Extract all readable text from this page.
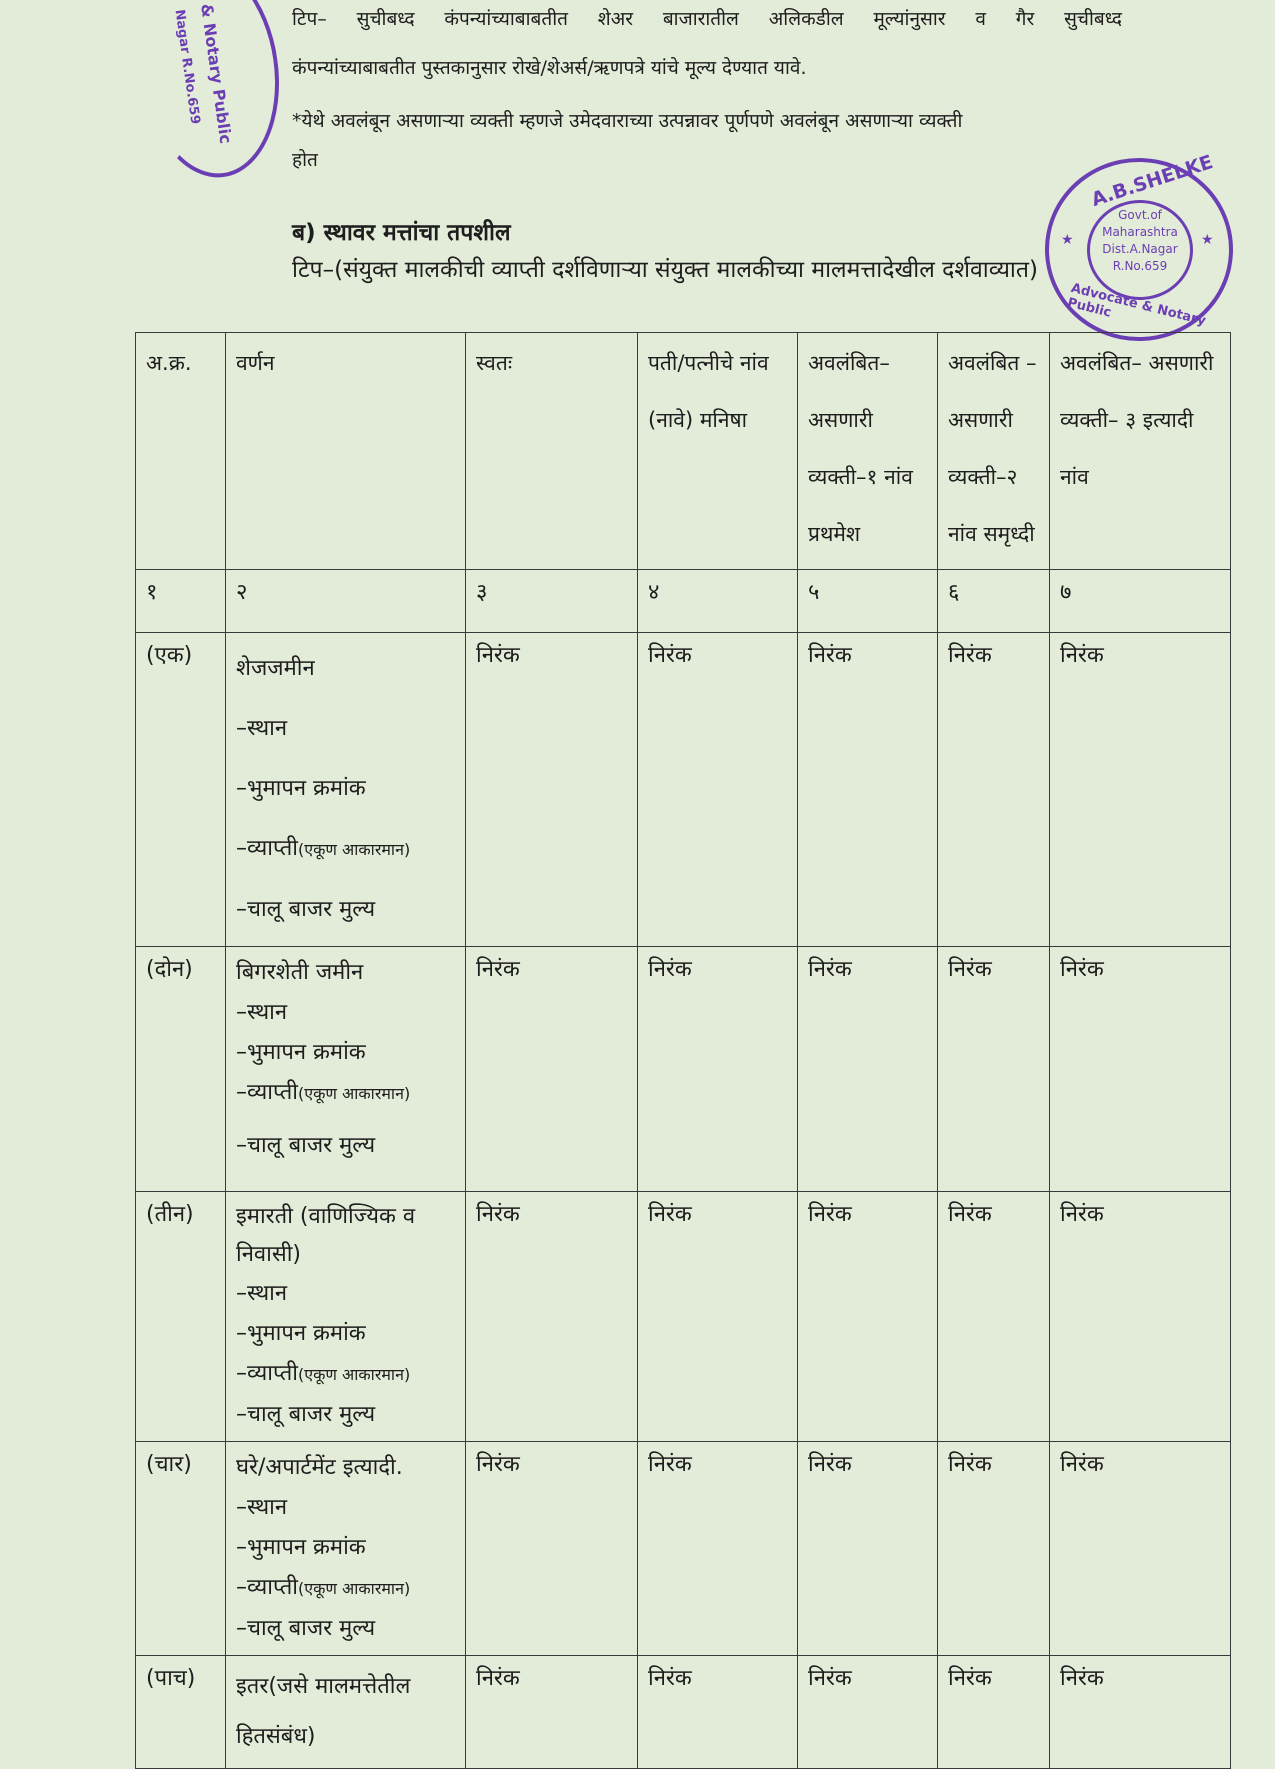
& Notary Public
Nagar R.No.659
A.B.SHELKE
★	★
Govt.of
Maharashtra
Dist.A.Nagar
R.No.659
Advocate & Notary Public
टिप– सुचीबध्द कंपन्यांच्याबाबतीत शेअर बाजारातील अलिकडील मूल्यांनुसार व गैर सुचीबध्द
कंपन्यांच्याबाबतीत पुस्तकानुसार रोखे/शेअर्स/ऋणपत्रे यांचे मूल्य देण्यात यावे.
*येथे अवलंबून असणाऱ्या व्यक्ती म्हणजे उमेदवाराच्या उत्पन्नावर पूर्णपणे अवलंबून असणाऱ्या व्यक्ती
होत
ब) स्थावर मत्तांचा तपशील
टिप–(संयुक्त मालकीची व्याप्ती दर्शविणाऱ्या संयुक्त मालकीच्या मालमत्तादेखील दर्शवाव्यात)
अ.क्र.	वर्णन	स्वतः	पती/पत्नीचे नांव (नावे) मनिषा	अवलंबित– असणारी व्यक्ती–१ नांव प्रथमेश	अवलंबित –असणारी व्यक्ती–२ नांव समृध्दी	अवलंबित– असणारी व्यक्ती– ३ इत्यादी नांव
१	२	३	४	५	६	७
(एक)	शेजजमीन
–स्थान
–भुमापन क्रमांक
–व्याप्ती(एकूण आकारमान)
–चालू बाजर मुल्य	निरंक	निरंक	निरंक	निरंक	निरंक
(दोन)	बिगरशेती जमीन
–स्थान
–भुमापन क्रमांक
–व्याप्ती(एकूण आकारमान)
–चालू बाजर मुल्य	निरंक	निरंक	निरंक	निरंक	निरंक
(तीन)	इमारती (वाणिज्यिक व निवासी)
–स्थान
–भुमापन क्रमांक
–व्याप्ती(एकूण आकारमान)
–चालू बाजर मुल्य	निरंक	निरंक	निरंक	निरंक	निरंक
(चार)	घरे/अपार्टमेंट इत्यादी.
–स्थान
–भुमापन क्रमांक
–व्याप्ती(एकूण आकारमान)
–चालू बाजर मुल्य	निरंक	निरंक	निरंक	निरंक	निरंक
(पाच)	इतर(जसे मालमत्तेतील हितसंबंध)	निरंक	निरंक	निरंक	निरंक	निरंक
